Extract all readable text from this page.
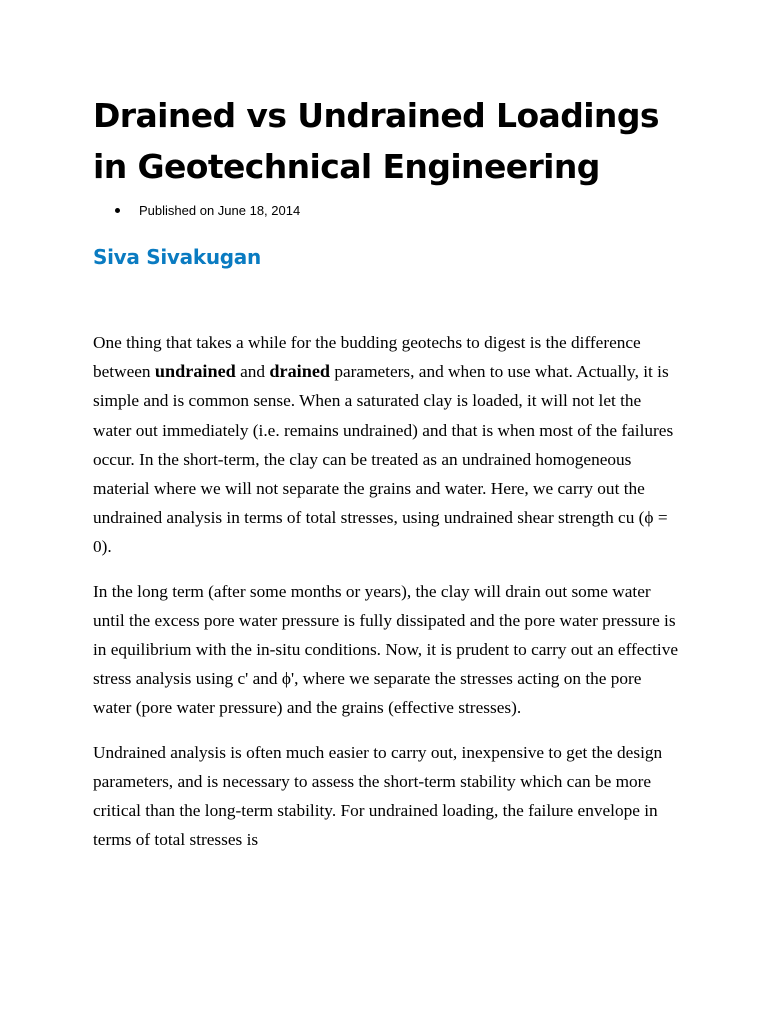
Drained vs Undrained Loadings in Geotechnical Engineering
Published on June 18, 2014
Siva Sivakugan

One thing that takes a while for the budding geotechs to digest is the difference between undrained and drained parameters, and when to use what. Actually, it is simple and is common sense. When a saturated clay is loaded, it will not let the water out immediately (i.e. remains undrained) and that is when most of the failures occur. In the short-term, the clay can be treated as an undrained homogeneous material where we will not separate the grains and water. Here, we carry out the undrained analysis in terms of total stresses, using undrained shear strength cu (ϕ = 0).

In the long term (after some months or years), the clay will drain out some water until the excess pore water pressure is fully dissipated and the pore water pressure is in equilibrium with the in-situ conditions. Now, it is prudent to carry out an effective stress analysis using c' and ϕ', where we separate the stresses acting on the pore water (pore water pressure) and the grains (effective stresses).

Undrained analysis is often much easier to carry out, inexpensive to get the design parameters, and is necessary to assess the short-term stability which can be more critical than the long-term stability. For undrained loading, the failure envelope in terms of total stresses is
